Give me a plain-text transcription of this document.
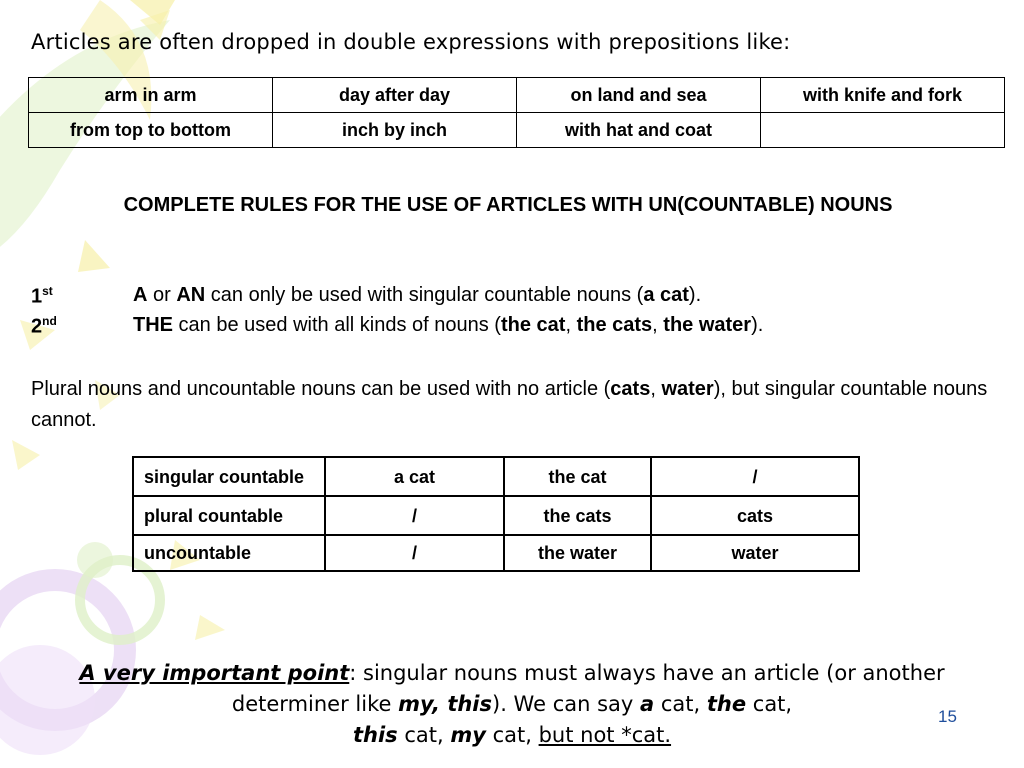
Articles are often dropped in double expressions with prepositions like:
arm in arm	day after day	on land and sea	with knife and fork
from top to bottom	inch by inch	with hat and coat	
COMPLETE RULES FOR THE USE OF ARTICLES WITH UN(COUNTABLE) NOUNS
1st	A or AN can only be used with singular countable nouns (a cat).
2nd	THE can be used with all kinds of nouns (the cat, the cats, the water).
Plural nouns and uncountable nouns can be used with no article (cats, water), but singular countable nouns cannot.
singular countable	a cat	the cat	/
plural countable	/	the cats	cats
uncountable	/	the water	water
A very important point: singular nouns must always have an article (or another determiner like my, this). We can say a cat, the cat,
this cat, my cat, but not *cat.
15
